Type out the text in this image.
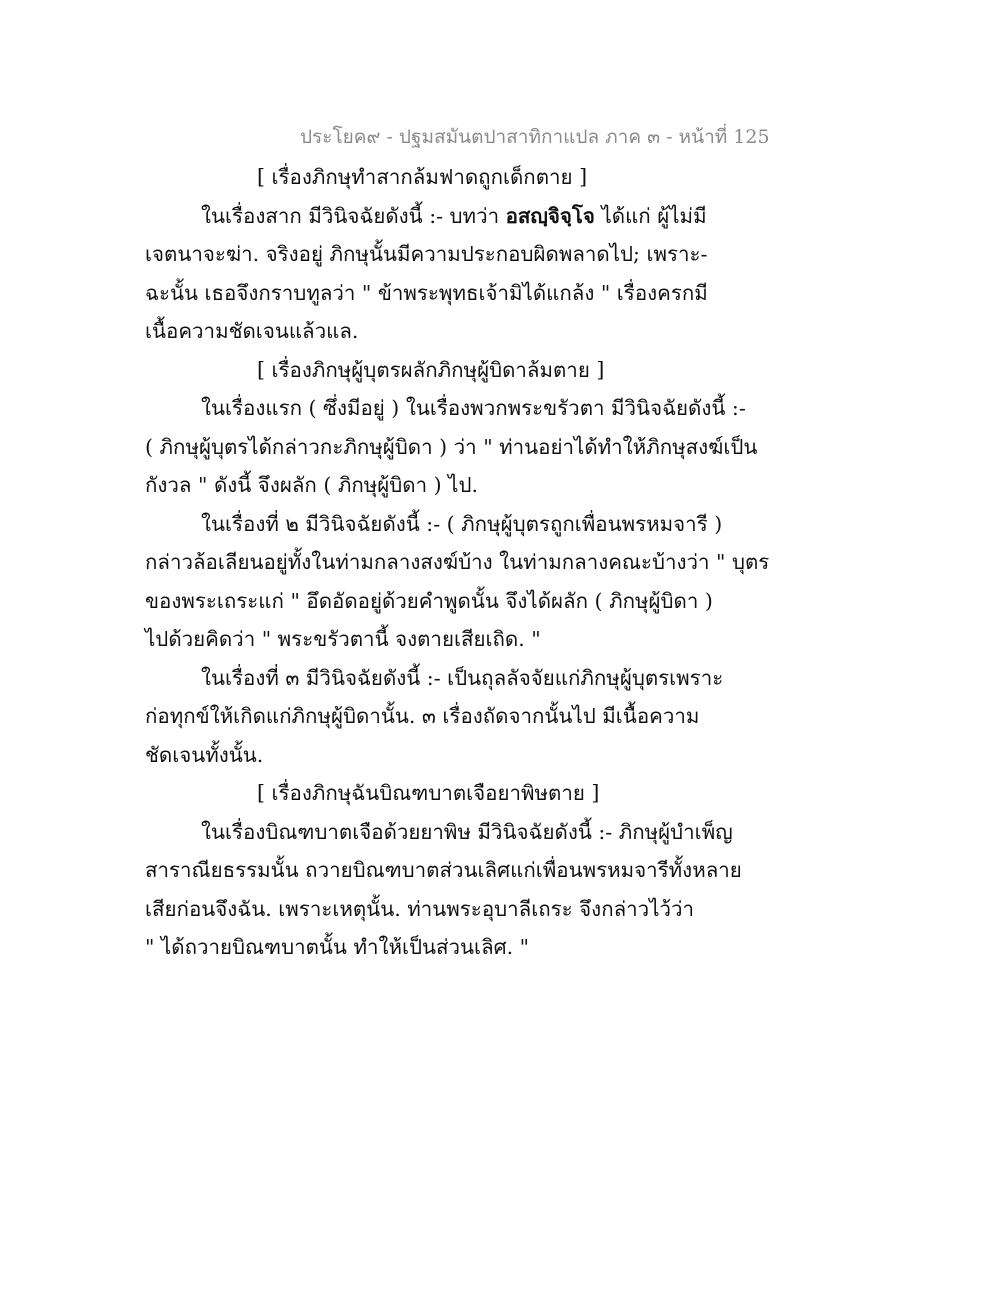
ประโยค๙ - ปฐมสมันตปาสาทิกาแปล ภาค ๓ - หน้าที่ 125
[ เรื่องภิกษุทำสากล้มฟาดถูกเด็กตาย ]
ในเรื่องสาก มีวินิจฉัยดังนี้ :- บทว่า อสญฺจิจฺโจ ได้แก่ ผู้ไม่มี
เจตนาจะฆ่า. จริงอยู่ ภิกษุนั้นมีความประกอบผิดพลาดไป; เพราะ-
ฉะนั้น เธอจึงกราบทูลว่า " ข้าพระพุทธเจ้ามิได้แกล้ง " เรื่องครกมี
เนื้อความชัดเจนแล้วแล.
[ เรื่องภิกษุผู้บุตรผลักภิกษุผู้บิดาล้มตาย ]
ในเรื่องแรก ( ซึ่งมีอยู่ ) ในเรื่องพวกพระขรัวตา มีวินิจฉัยดังนี้ :-
( ภิกษุผู้บุตรได้กล่าวกะภิกษุผู้บิดา ) ว่า " ท่านอย่าได้ทำให้ภิกษุสงฆ์เป็น
กังวล " ดังนี้ จึงผลัก ( ภิกษุผู้บิดา ) ไป.
ในเรื่องที่ ๒ มีวินิจฉัยดังนี้ :- ( ภิกษุผู้บุตรถูกเพื่อนพรหมจารี )
กล่าวล้อเลียนอยู่ทั้งในท่ามกลางสงฆ์บ้าง ในท่ามกลางคณะบ้างว่า " บุตร
ของพระเถระแก่ " อึดอัดอยู่ด้วยคำพูดนั้น จึงได้ผลัก ( ภิกษุผู้บิดา )
ไปด้วยคิดว่า " พระขรัวตานี้ จงตายเสียเถิด. "
ในเรื่องที่ ๓ มีวินิจฉัยดังนี้ :- เป็นถุลลัจจัยแก่ภิกษุผู้บุตรเพราะ
ก่อทุกข์ให้เกิดแก่ภิกษุผู้บิดานั้น. ๓ เรื่องถัดจากนั้นไป มีเนื้อความ
ชัดเจนทั้งนั้น.
[ เรื่องภิกษุฉันบิณฑบาตเจือยาพิษตาย ]
ในเรื่องบิณฑบาตเจือด้วยยาพิษ มีวินิจฉัยดังนี้ :- ภิกษุผู้บำเพ็ญ
สาราณียธรรมนั้น ถวายบิณฑบาตส่วนเลิศแก่เพื่อนพรหมจารีทั้งหลาย
เสียก่อนจึงฉัน. เพราะเหตุนั้น. ท่านพระอุบาลีเถระ จึงกล่าวไว้ว่า
" ได้ถวายบิณฑบาตนั้น ทำให้เป็นส่วนเลิศ. "
